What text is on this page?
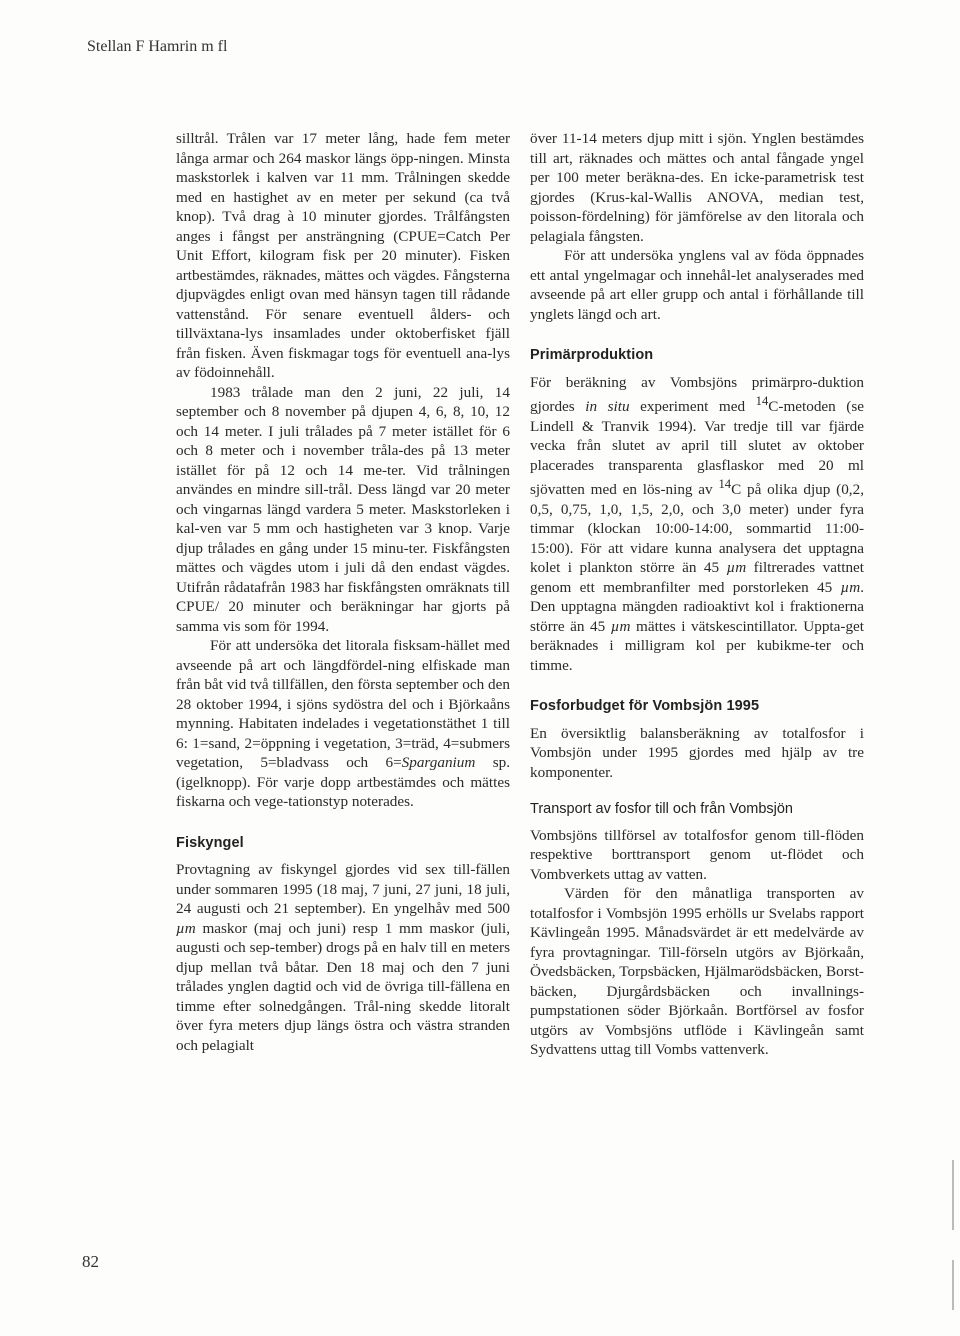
Stellan F Hamrin m fl

silltrål. Trålen var 17 meter lång, hade fem meter långa armar och 264 maskor längs öpp-ningen. Minsta maskstorlek i kalven var 11 mm. Trålningen skedde med en hastighet av en meter per sekund (ca två knop). Två drag à 10 minuter gjordes. Trålfångsten anges i fångst per ansträngning (CPUE=Catch Per Unit Effort, kilogram fisk per 20 minuter). Fisken artbestämdes, räknades, mättes och vägdes. Fångsterna djupvägdes enligt ovan med hänsyn tagen till rådande vattenstånd. För senare eventuell ålders- och tillväxtana-lys insamlades under oktoberfisket fjäll från fisken. Även fiskmagar togs för eventuell ana-lys av födoinnehåll.

1983 trålade man den 2 juni, 22 juli, 14 september och 8 november på djupen 4, 6, 8, 10, 12 och 14 meter. I juli trålades på 7 meter istället för 6 och 8 meter och i november tråla-des på 13 meter istället för på 12 och 14 me-ter. Vid trålningen användes en mindre sill-trål. Dess längd var 20 meter och vingarnas längd vardera 5 meter. Maskstorleken i kal-ven var 5 mm och hastigheten var 3 knop. Varje djup trålades en gång under 15 minu-ter. Fiskfångsten mättes och vägdes utom i juli då den endast vägdes. Utifrån rådatafrån 1983 har fiskfångsten omräknats till CPUE/ 20 minuter och beräkningar har gjorts på samma vis som för 1994.

För att undersöka det litorala fisksam-hället med avseende på art och längdfördel-ning elfiskade man från båt vid två tillfällen, den första september och den 28 oktober 1994, i sjöns sydöstra del och i Björkaåns mynning. Habitaten indelades i vegetationstäthet 1 till 6: 1=sand, 2=öppning i vegetation, 3=träd, 4=submers vegetation, 5=bladvass och 6=Sparganium sp. (igelknopp). För varje dopp artbestämdes och mättes fiskarna och vege-tationstyp noterades.

Fiskyngel

Provtagning av fiskyngel gjordes vid sex till-fällen under sommaren 1995 (18 maj, 7 juni, 27 juni, 18 juli, 24 augusti och 21 september). En yngelhåv med 500 µm maskor (maj och juni) resp 1 mm maskor (juli, augusti och sep-tember) drogs på en halv till en meters djup mellan två båtar. Den 18 maj och den 7 juni trålades ynglen dagtid och vid de övriga till-fällena en timme efter solnedgången. Trål-ning skedde litoralt över fyra meters djup längs östra och västra stranden och pelagialt

över 11-14 meters djup mitt i sjön. Ynglen bestämdes till art, räknades och mättes och antal fångade yngel per 100 meter beräkna-des. En icke-parametrisk test gjordes (Krus-kal-Wallis ANOVA, median test, poisson-fördelning) för jämförelse av den litorala och pelagiala fångsten.

För att undersöka ynglens val av föda öppnades ett antal yngelmagar och innehål-let analyserades med avseende på art eller grupp och antal i förhållande till ynglets längd och art.

Primärproduktion

För beräkning av Vombsjöns primärpro-duktion gjordes in situ experiment med $^{14}$C-metoden (se Lindell & Tranvik 1994). Var tredje till var fjärde vecka från slutet av april till slutet av oktober placerades transparenta glasflaskor med 20 ml sjövatten med en lös-ning av $^{14}$C på olika djup (0,2, 0,5, 0,75, 1,0, 1,5, 2,0, och 3,0 meter) under fyra timmar (klockan 10:00-14:00, sommartid 11:00-15:00). För att vidare kunna analysera det upptagna kolet i plankton större än 45 µm filtrerades vattnet genom ett membranfilter med porstorleken 45 µm. Den upptagna mängden radioaktivt kol i fraktionerna större än 45 µm mättes i vätskescintillator. Uppta-get beräknades i milligram kol per kubikme-ter och timme.

Fosforbudget för Vombsjön 1995

En översiktlig balansberäkning av totalfosfor i Vombsjön under 1995 gjordes med hjälp av tre komponenter.

Transport av fosfor till och från Vombsjön

Vombsjöns tillförsel av totalfosfor genom till-flöden respektive borttransport genom ut-flödet och Vombverkets uttag av vatten.

Värden för den månatliga transporten av totalfosfor i Vombsjön 1995 erhölls ur Svelabs rapport Kävlingeån 1995. Månadsvärdet är ett medelvärde av fyra provtagningar. Till-förseln utgörs av Björkaån, Övedsbäcken, Torpsbäcken, Hjälmarödsbäcken, Borst-bäcken, Djurgårdsbäcken och invallnings-pumpstationen söder Björkaån. Bortförsel av fosfor utgörs av Vombsjöns utflöde i Kävlingeån samt Sydvattens uttag till Vombs vattenverk.

82
